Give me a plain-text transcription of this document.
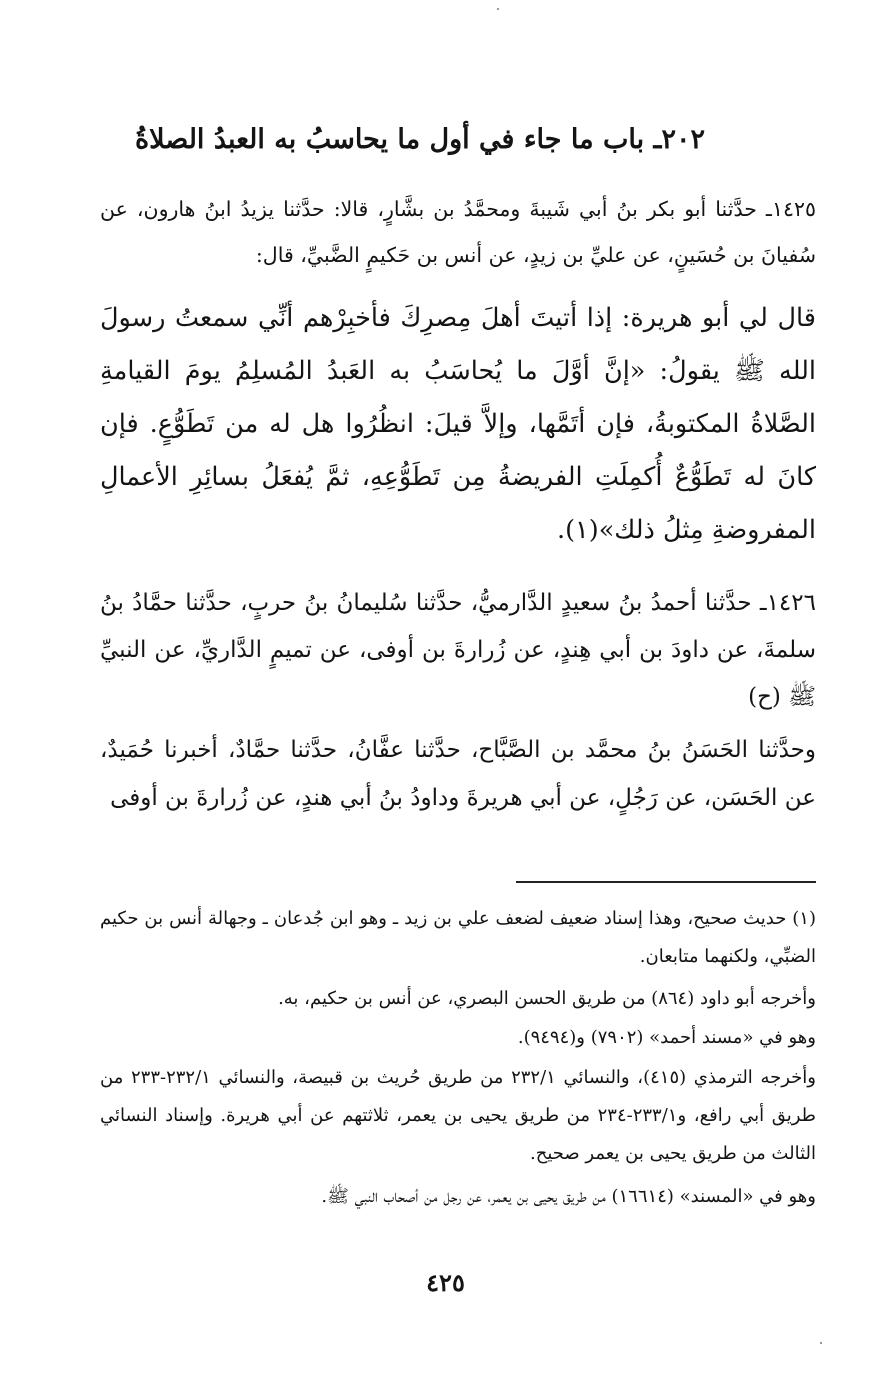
٢٠٢ـ باب ما جاء في أول ما يحاسبُ به العبدُ الصلاةُ

١٤٢٥ـ حدَّثنا أبو بكر بنُ أبي شَيبةَ ومحمَّدُ بن بشَّارٍ، قالا: حدَّثنا يزيدُ ابنُ هارون، عن سُفيانَ بن حُسَينٍ، عن عليِّ بن زيدٍ، عن أنس بن حَكيمٍ الضَّبيِّ، قال:

قال لي أبو هريرة: إذا أتيتَ أهلَ مِصرِكَ فأخبِرْهم أنِّي سمعتُ رسولَ الله ﷺ يقولُ: «إنَّ أوَّلَ ما يُحاسَبُ به العَبدُ المُسلِمُ يومَ القيامةِ الصَّلاةُ المكتوبةُ، فإن أتَمَّها، وإلاَّ قيلَ: انظُرُوا هل له من تَطَوُّعٍ. فإن كانَ له تَطَوُّعٌ أُكمِلَتِ الفريضةُ مِن تَطَوُّعِهِ، ثمَّ يُفعَلُ بسائِرِ الأعمالِ المفروضةِ مِثلُ ذلك»(١).

١٤٢٦ـ حدَّثنا أحمدُ بنُ سعيدٍ الدَّارميُّ، حدَّثنا سُليمانُ بنُ حربٍ، حدَّثنا حمَّادُ بنُ سلمةَ، عن داودَ بن أبي هِندٍ، عن زُرارةَ بن أوفى، عن تميمٍ الدَّاريِّ، عن النبيِّ ﷺ (ح)

وحدَّثنا الحَسَنُ بنُ محمَّد بن الصَّبَّاح، حدَّثنا عفَّانُ، حدَّثنا حمَّادٌ، أخبرنا حُمَيدٌ، عن الحَسَن، عن رَجُلٍ، عن أبي هريرةَ وداودُ بنُ أبي هندٍ، عن زُرارةَ بن أوفى

(١) حديث صحيح، وهذا إسناد ضعيف لضعف علي بن زيد ـ وهو ابن جُدعان ـ وجهالة أنس بن حكيم الضبِّي، ولكنهما متابعان.

وأخرجه أبو داود (٨٦٤) من طريق الحسن البصري، عن أنس بن حكيم، به.

وهو في «مسند أحمد» (٧٩٠٢) و(٩٤٩٤).

وأخرجه الترمذي (٤١٥)، والنسائي ٢٣٢/١ من طريق حُريث بن قبيصة، والنسائي ٢٣٢/١-٢٣٣ من طريق أبي رافع، و٢٣٣/١-٢٣٤ من طريق يحيى بن يعمر، ثلاثتهم عن أبي هريرة. وإسناد النسائي الثالث من طريق يحيى بن يعمر صحيح.

وهو في «المسند» (١٦٦١٤) من طريق يحيى بن يعمر، عن رجل من أصحاب النبي ﷺ.

٤٢٥
